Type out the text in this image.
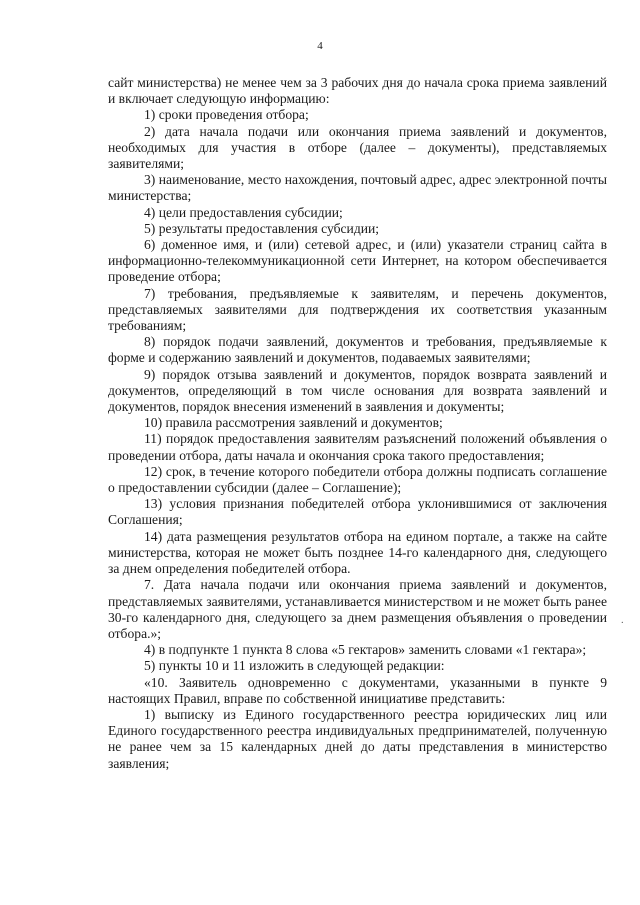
4

сайт министерства) не менее чем за 3 рабочих дня до начала срока приема заявлений и включает следующую информацию:

1) сроки проведения отбора;

2) дата начала подачи или окончания приема заявлений и документов, необходимых для участия в отборе (далее – документы), представляемых заявителями;

3) наименование, место нахождения, почтовый адрес, адрес электронной почты министерства;

4) цели предоставления субсидии;

5) результаты предоставления субсидии;

6) доменное имя, и (или) сетевой адрес, и (или) указатели страниц сайта в информационно-телекоммуникационной сети Интернет, на котором обеспечивается проведение отбора;

7) требования, предъявляемые к заявителям, и перечень документов, представляемых заявителями для подтверждения их соответствия указанным требованиям;

8) порядок подачи заявлений, документов и требования, предъявляемые к форме и содержанию заявлений и документов, подаваемых заявителями;

9) порядок отзыва заявлений и документов, порядок возврата заявлений и документов, определяющий в том числе основания для возврата заявлений и документов, порядок внесения изменений в заявления и документы;

10) правила рассмотрения заявлений и документов;

11) порядок предоставления заявителям разъяснений положений объявления о проведении отбора, даты начала и окончания срока такого предоставления;

12) срок, в течение которого победители отбора должны подписать соглашение о предоставлении субсидии (далее – Соглашение);

13) условия признания победителей отбора уклонившимися от заключения Соглашения;

14) дата размещения результатов отбора на едином портале, а также на сайте министерства, которая не может быть позднее 14-го календарного дня, следующего за днем определения победителей отбора.

7. Дата начала подачи или окончания приема заявлений и документов, представляемых заявителями, устанавливается министерством и не может быть ранее 30-го календарного дня, следующего за днем размещения объявления о проведении отбора.»;

4) в подпункте 1 пункта 8 слова «5 гектаров» заменить словами «1 гектара»;

5) пункты 10 и 11 изложить в следующей редакции:

«10. Заявитель одновременно с документами, указанными в пункте 9 настоящих Правил, вправе по собственной инициативе представить:

1) выписку из Единого государственного реестра юридических лиц или Единого государственного реестра индивидуальных предпринимателей, полученную не ранее чем за 15 календарных дней до даты представления в министерство заявления;

·
